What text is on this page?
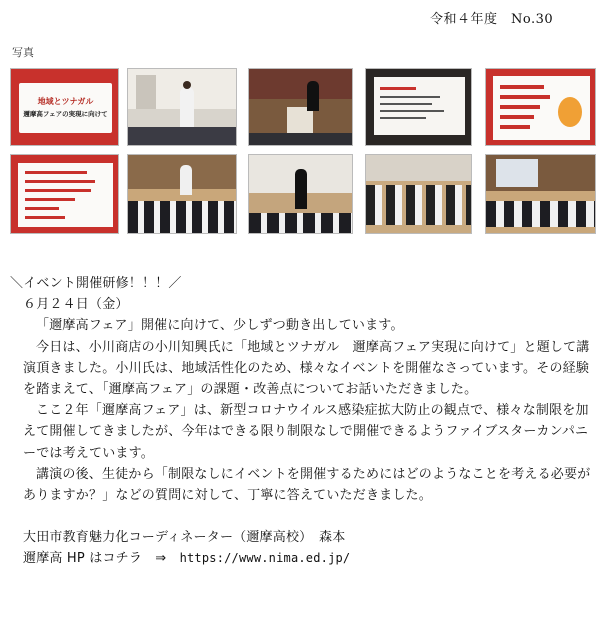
令和４年度　No.30
写真
地域とツナガル
邇摩高フェアの実現に向けて

＼イベント開催研修！！！／

６月２４日（金）

「邇摩高フェア」開催に向けて、少しずつ動き出しています。

今日は、小川商店の小川知興氏に「地域とツナガル　邇摩高フェア実現に向けて」と題して講演頂きました。小川氏は、地域活性化のため、様々なイベントを開催なさっています。その経験を踏まえて、「邇摩高フェア」の課題・改善点についてお話いただきました。

ここ２年「邇摩高フェア」は、新型コロナウイルス感染症拡大防止の観点で、様々な制限を加えて開催してきましたが、今年はできる限り制限なしで開催できるようファイブスターカンパニーでは考えています。

講演の後、生徒から「制限なしにイベントを開催するためにはどのようなことを考える必要がありますか？」などの質問に対して、丁寧に答えていただきました。

大田市教育魅力化コーディネーター（邇摩高校）　森本

邇摩高 HP はコチラ　⇒　https://www.nima.ed.jp/
